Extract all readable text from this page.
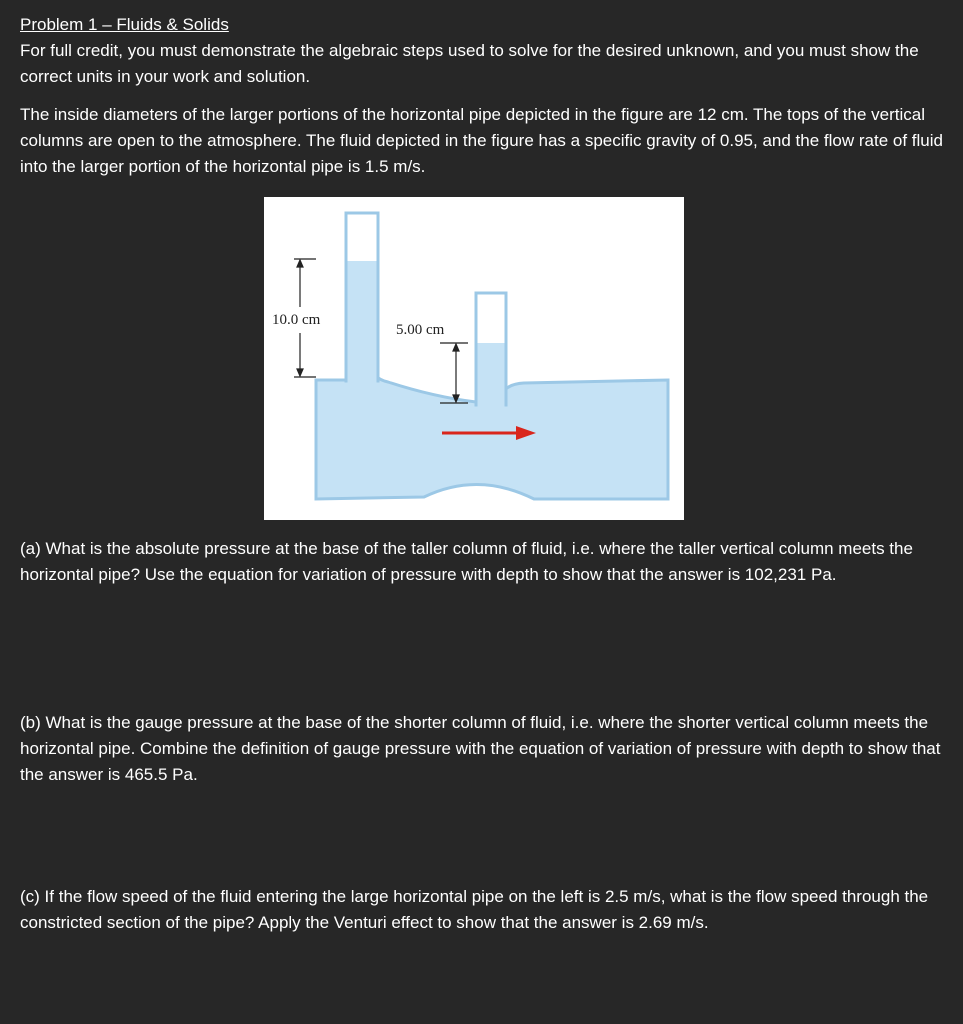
Problem 1 – Fluids & Solids

For full credit, you must demonstrate the algebraic steps used to solve for the desired unknown, and you must show the correct units in your work and solution.

The inside diameters of the larger portions of the horizontal pipe depicted in the figure are 12 cm. The tops of the vertical columns are open to the atmosphere. The fluid depicted in the figure has a specific gravity of 0.95, and the flow rate of fluid into the larger portion of the horizontal pipe is 1.5 m/s.

10.0 cm
5.00 cm

(a) What is the absolute pressure at the base of the taller column of fluid, i.e. where the taller vertical column meets the horizontal pipe? Use the equation for variation of pressure with depth to show that the answer is 102,231 Pa.

(b) What is the gauge pressure at the base of the shorter column of fluid, i.e. where the shorter vertical column meets the horizontal pipe. Combine the definition of gauge pressure with the equation of variation of pressure with depth to show that the answer is 465.5 Pa.

(c) If the flow speed of the fluid entering the large horizontal pipe on the left is 2.5 m/s, what is the flow speed through the constricted section of the pipe? Apply the Venturi effect to show that the answer is 2.69 m/s.
